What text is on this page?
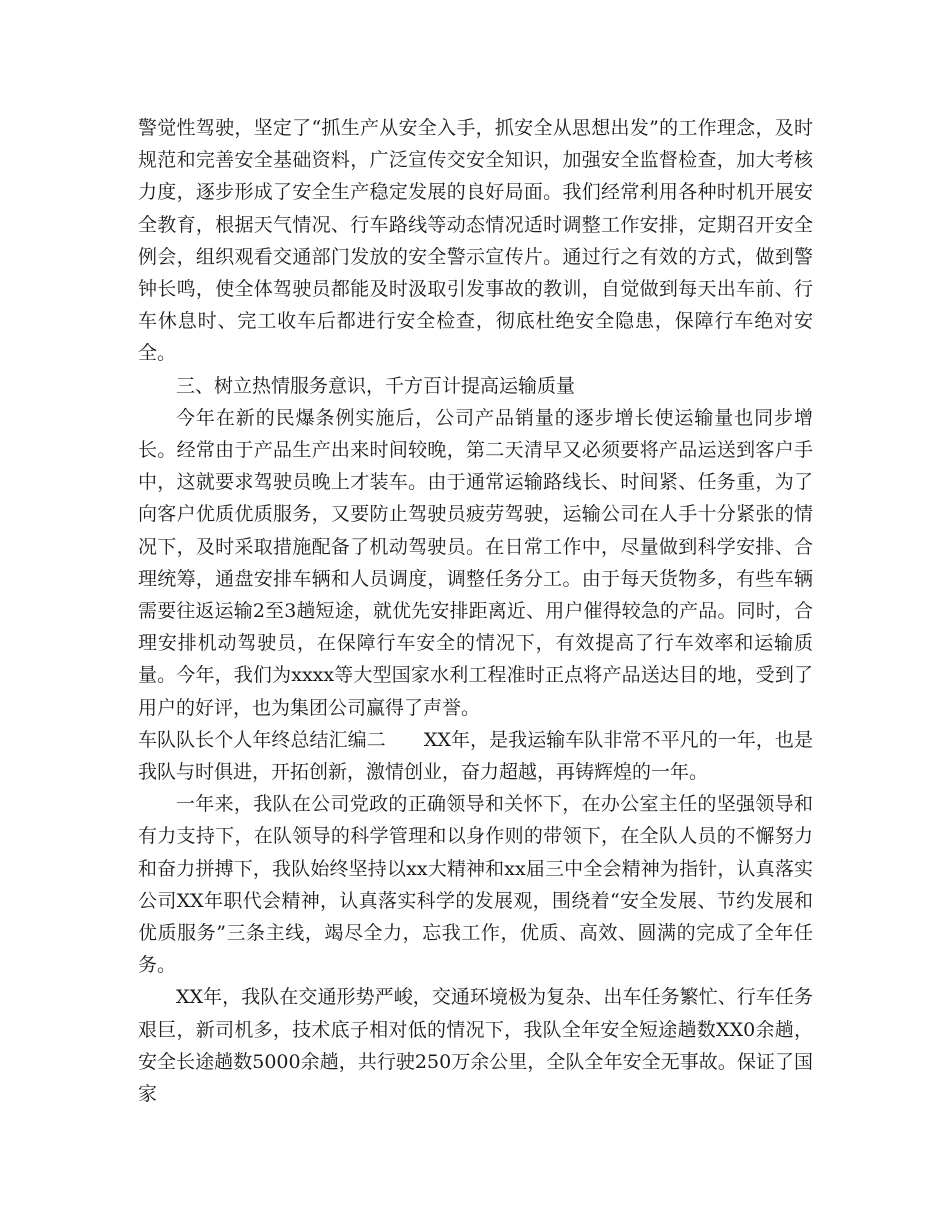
警觉性驾驶，坚定了“抓生产从安全入手，抓安全从思想出发”的工作理念，及时规范和完善安全基础资料，广泛宣传交安全知识，加强安全监督检查，加大考核力度，逐步形成了安全生产稳定发展的良好局面。我们经常利用各种时机开展安全教育，根据天气情况、行车路线等动态情况适时调整工作安排，定期召开安全例会，组织观看交通部门发放的安全警示宣传片。通过行之有效的方式，做到警钟长鸣，使全体驾驶员都能及时汲取引发事故的教训，自觉做到每天出车前、行车休息时、完工收车后都进行安全检查，彻底杜绝安全隐患，保障行车绝对安全。

三、树立热情服务意识，千方百计提高运输质量

今年在新的民爆条例实施后，公司产品销量的逐步增长使运输量也同步增长。经常由于产品生产出来时间较晚，第二天清早又必须要将产品运送到客户手中，这就要求驾驶员晚上才装车。由于通常运输路线长、时间紧、任务重，为了向客户优质优质服务，又要防止驾驶员疲劳驾驶，运输公司在人手十分紧张的情况下，及时采取措施配备了机动驾驶员。在日常工作中，尽量做到科学安排、合理统筹，通盘安排车辆和人员调度，调整任务分工。由于每天货物多，有些车辆需要往返运输2至3趟短途，就优先安排距离近、用户催得较急的产品。同时，合理安排机动驾驶员，在保障行车安全的情况下，有效提高了行车效率和运输质量。今年，我们为xxxx等大型国家水利工程准时正点将产品送达目的地，受到了用户的好评，也为集团公司赢得了声誉。

车队队长个人年终总结汇编二　　XX年，是我运输车队非常不平凡的一年，也是我队与时俱进，开拓创新，激情创业，奋力超越，再铸辉煌的一年。

一年来，我队在公司党政的正确领导和关怀下，在办公室主任的坚强领导和有力支持下，在队领导的科学管理和以身作则的带领下，在全队人员的不懈努力和奋力拼搏下，我队始终坚持以xx大精神和xx届三中全会精神为指针，认真落实公司XX年职代会精神，认真落实科学的发展观，围绕着“安全发展、节约发展和优质服务”三条主线，竭尽全力，忘我工作，优质、高效、圆满的完成了全年任务。

XX年，我队在交通形势严峻，交通环境极为复杂、出车任务繁忙、行车任务艰巨，新司机多，技术底子相对低的情况下，我队全年安全短途趟数XX0余趟，安全长途趟数5000余趟，共行驶250万余公里，全队全年安全无事故。保证了国家
